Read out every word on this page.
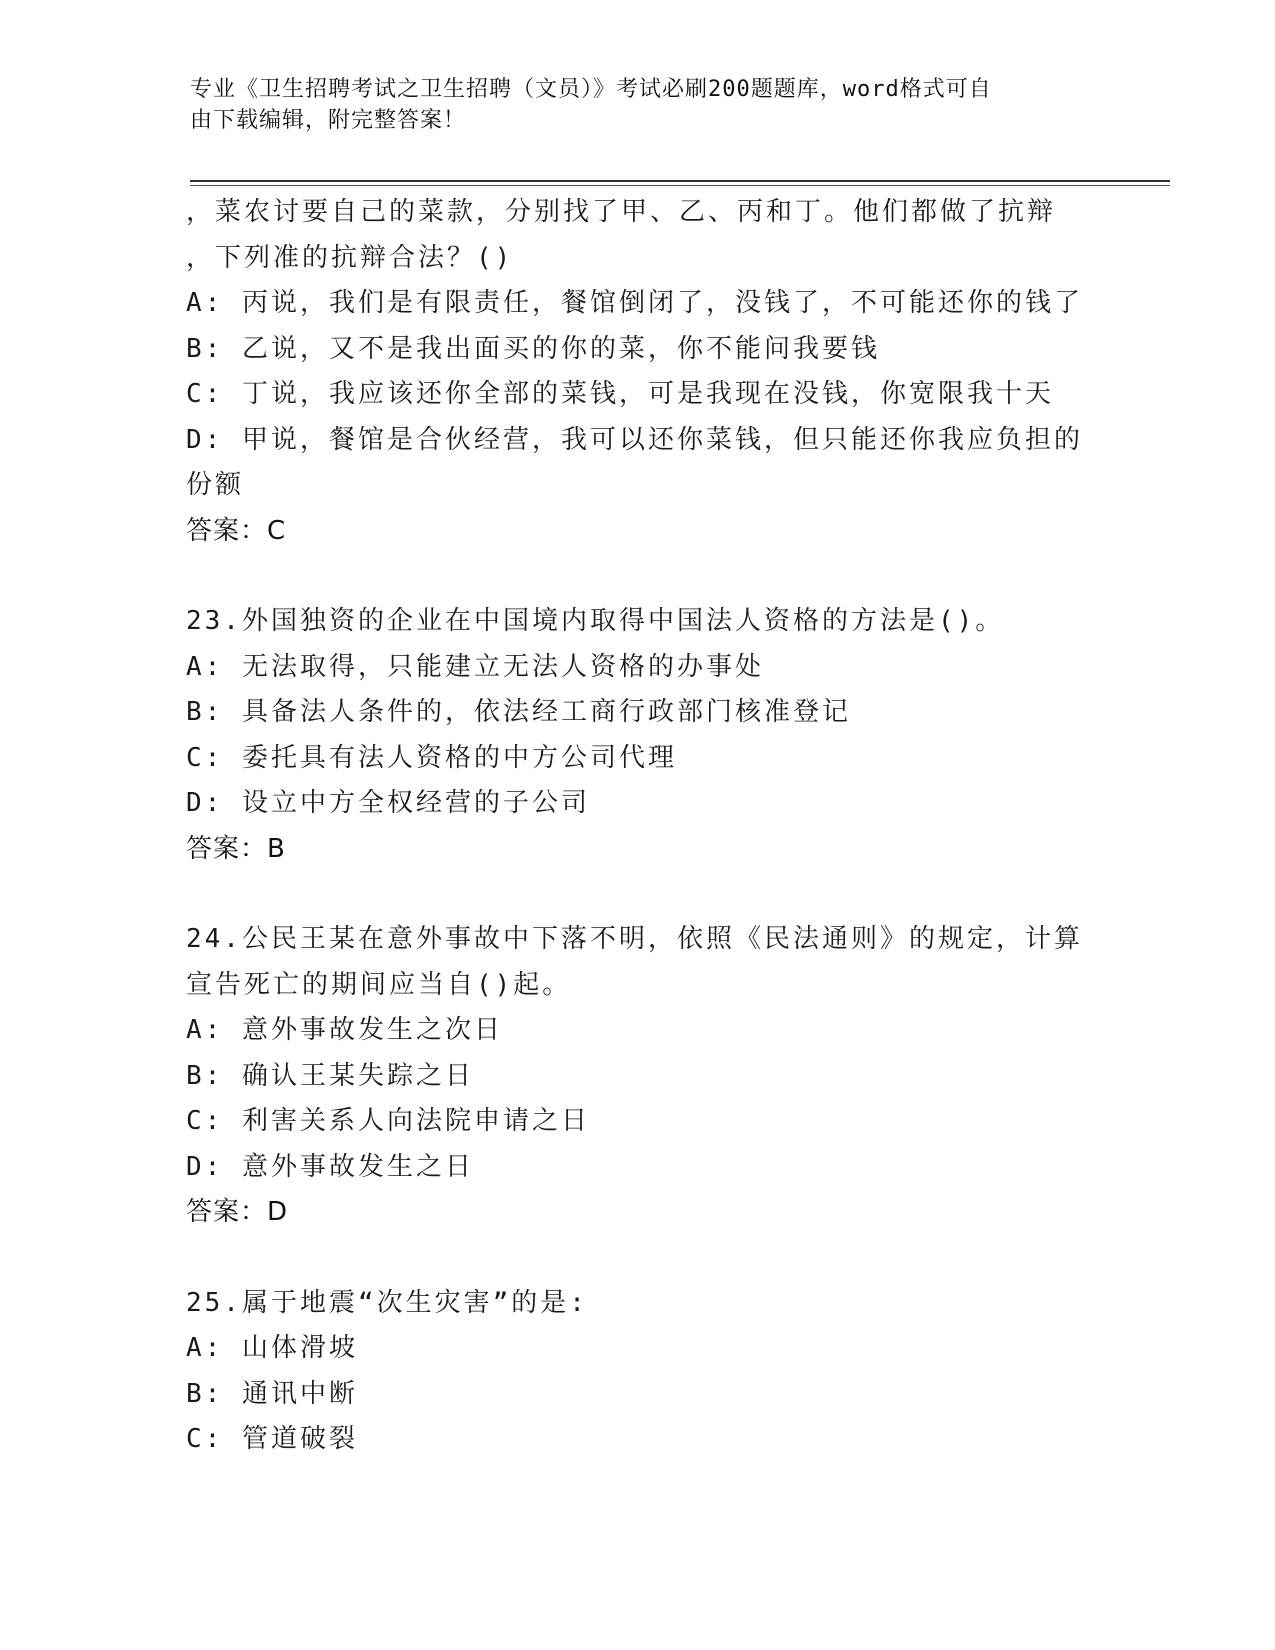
专业《卫生招聘考试之卫生招聘（文员）》考试必刷200题题库，word格式可自
由下载编辑，附完整答案！
，菜农讨要自己的菜款，分别找了甲、乙、丙和丁。他们都做了抗辩
，下列准的抗辩合法？()
A: 丙说，我们是有限责任，餐馆倒闭了，没钱了，不可能还你的钱了
B: 乙说，又不是我出面买的你的菜，你不能问我要钱
C: 丁说，我应该还你全部的菜钱，可是我现在没钱，你宽限我十天
D: 甲说，餐馆是合伙经营，我可以还你菜钱，但只能还你我应负担的
份额
答案：C
23.外国独资的企业在中国境内取得中国法人资格的方法是()。
A: 无法取得，只能建立无法人资格的办事处
B: 具备法人条件的，依法经工商行政部门核准登记
C: 委托具有法人资格的中方公司代理
D: 设立中方全权经营的子公司
答案：B
24.公民王某在意外事故中下落不明，依照《民法通则》的规定，计算
宣告死亡的期间应当自()起。
A: 意外事故发生之次日
B: 确认王某失踪之日
C: 利害关系人向法院申请之日
D: 意外事故发生之日
答案：D
25.属于地震“次生灾害”的是:
A: 山体滑坡
B: 通讯中断
C: 管道破裂
